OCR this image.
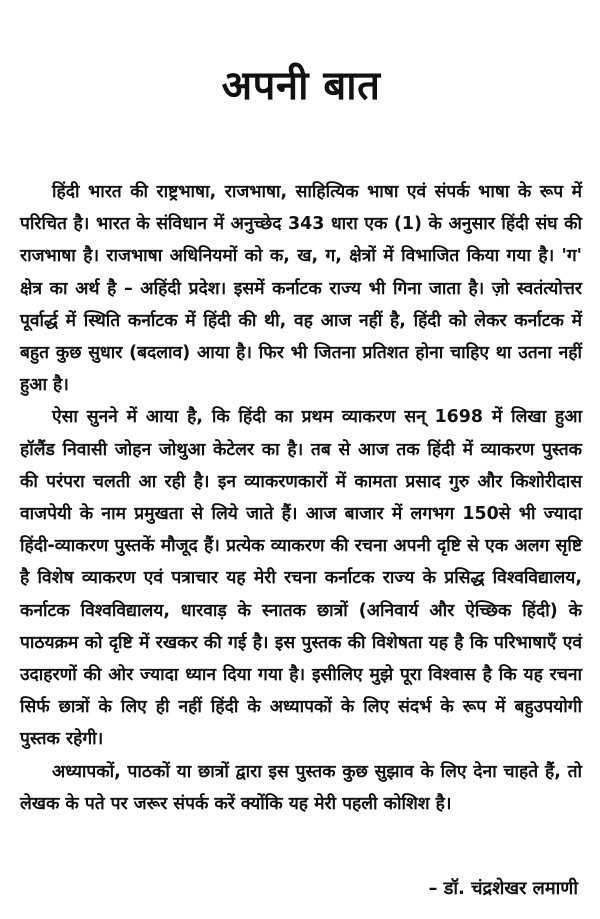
अपनी बात

हिंदी भारत की राष्ट्रभाषा, राजभाषा, साहित्यिक भाषा एवं संपर्क भाषा के रूप में परिचित है। भारत के संविधान में अनुच्छेद 343 धारा एक (1) के अनुसार हिंदी संघ की राजभाषा है। राजभाषा अधिनियमों को क, ख, ग, क्षेत्रों में विभाजित किया गया है। 'ग' क्षेत्र का अर्थ है – अहिंदी प्रदेश। इसमें कर्नाटक राज्य भी गिना जाता है। ज़ो स्वतंत्योत्तर पूर्वार्द्ध में स्थिति कर्नाटक में हिंदी की थी, वह आज नहीं है, हिंदी को लेकर कर्नाटक में बहुत कुछ सुधार (बदलाव) आया है। फिर भी जितना प्रतिशत होना चाहिए था उतना नहीं हुआ है।

ऐसा सुनने में आया है, कि हिंदी का प्रथम व्याकरण सन् 1698 में लिखा हुआ हॉलैंड निवासी जोहन जोथुआ केटेलर का है। तब से आज तक हिंदी में व्याकरण पुस्तक की परंपरा चलती आ रही है। इन व्याकरणकारों में कामता प्रसाद गुरु और किशोरीदास वाजपेयी के नाम प्रमुखता से लिये जाते हैं। आज बाजार में लगभग 150से भी ज्यादा हिंदी-व्याकरण पुस्तकें मौजूद हैं। प्रत्येक व्याकरण की रचना अपनी दृष्टि से एक अलग सृष्टि है विशेष व्याकरण एवं पत्राचार यह मेरी रचना कर्नाटक राज्य के प्रसिद्ध विश्वविद्यालय, कर्नाटक विश्वविद्यालय, धारवाड़ के स्नातक छात्रों (अनिवार्य और ऐच्छिक हिंदी) के पाठयक्रम को दृष्टि में रखकर की गई है। इस पुस्तक की विशेषता यह है कि परिभाषाएँ एवं उदाहरणों की ओर ज्यादा ध्यान दिया गया है। इसीलिए मुझे पूरा विश्वास है कि यह रचना सिर्फ छात्रों के लिए ही नहीं हिंदी के अध्यापकों के लिए संदर्भ के रूप में बहुउपयोगी पुस्तक रहेगी।

अध्यापकों, पाठकों या छात्रों द्वारा इस पुस्तक कुछ सुझाव के लिए देना चाहते हैं, तो लेखक के पते पर जरूर संपर्क करें क्योंकि यह मेरी पहली कोशिश है।

– डॉ. चंद्रशेखर लमाणी
